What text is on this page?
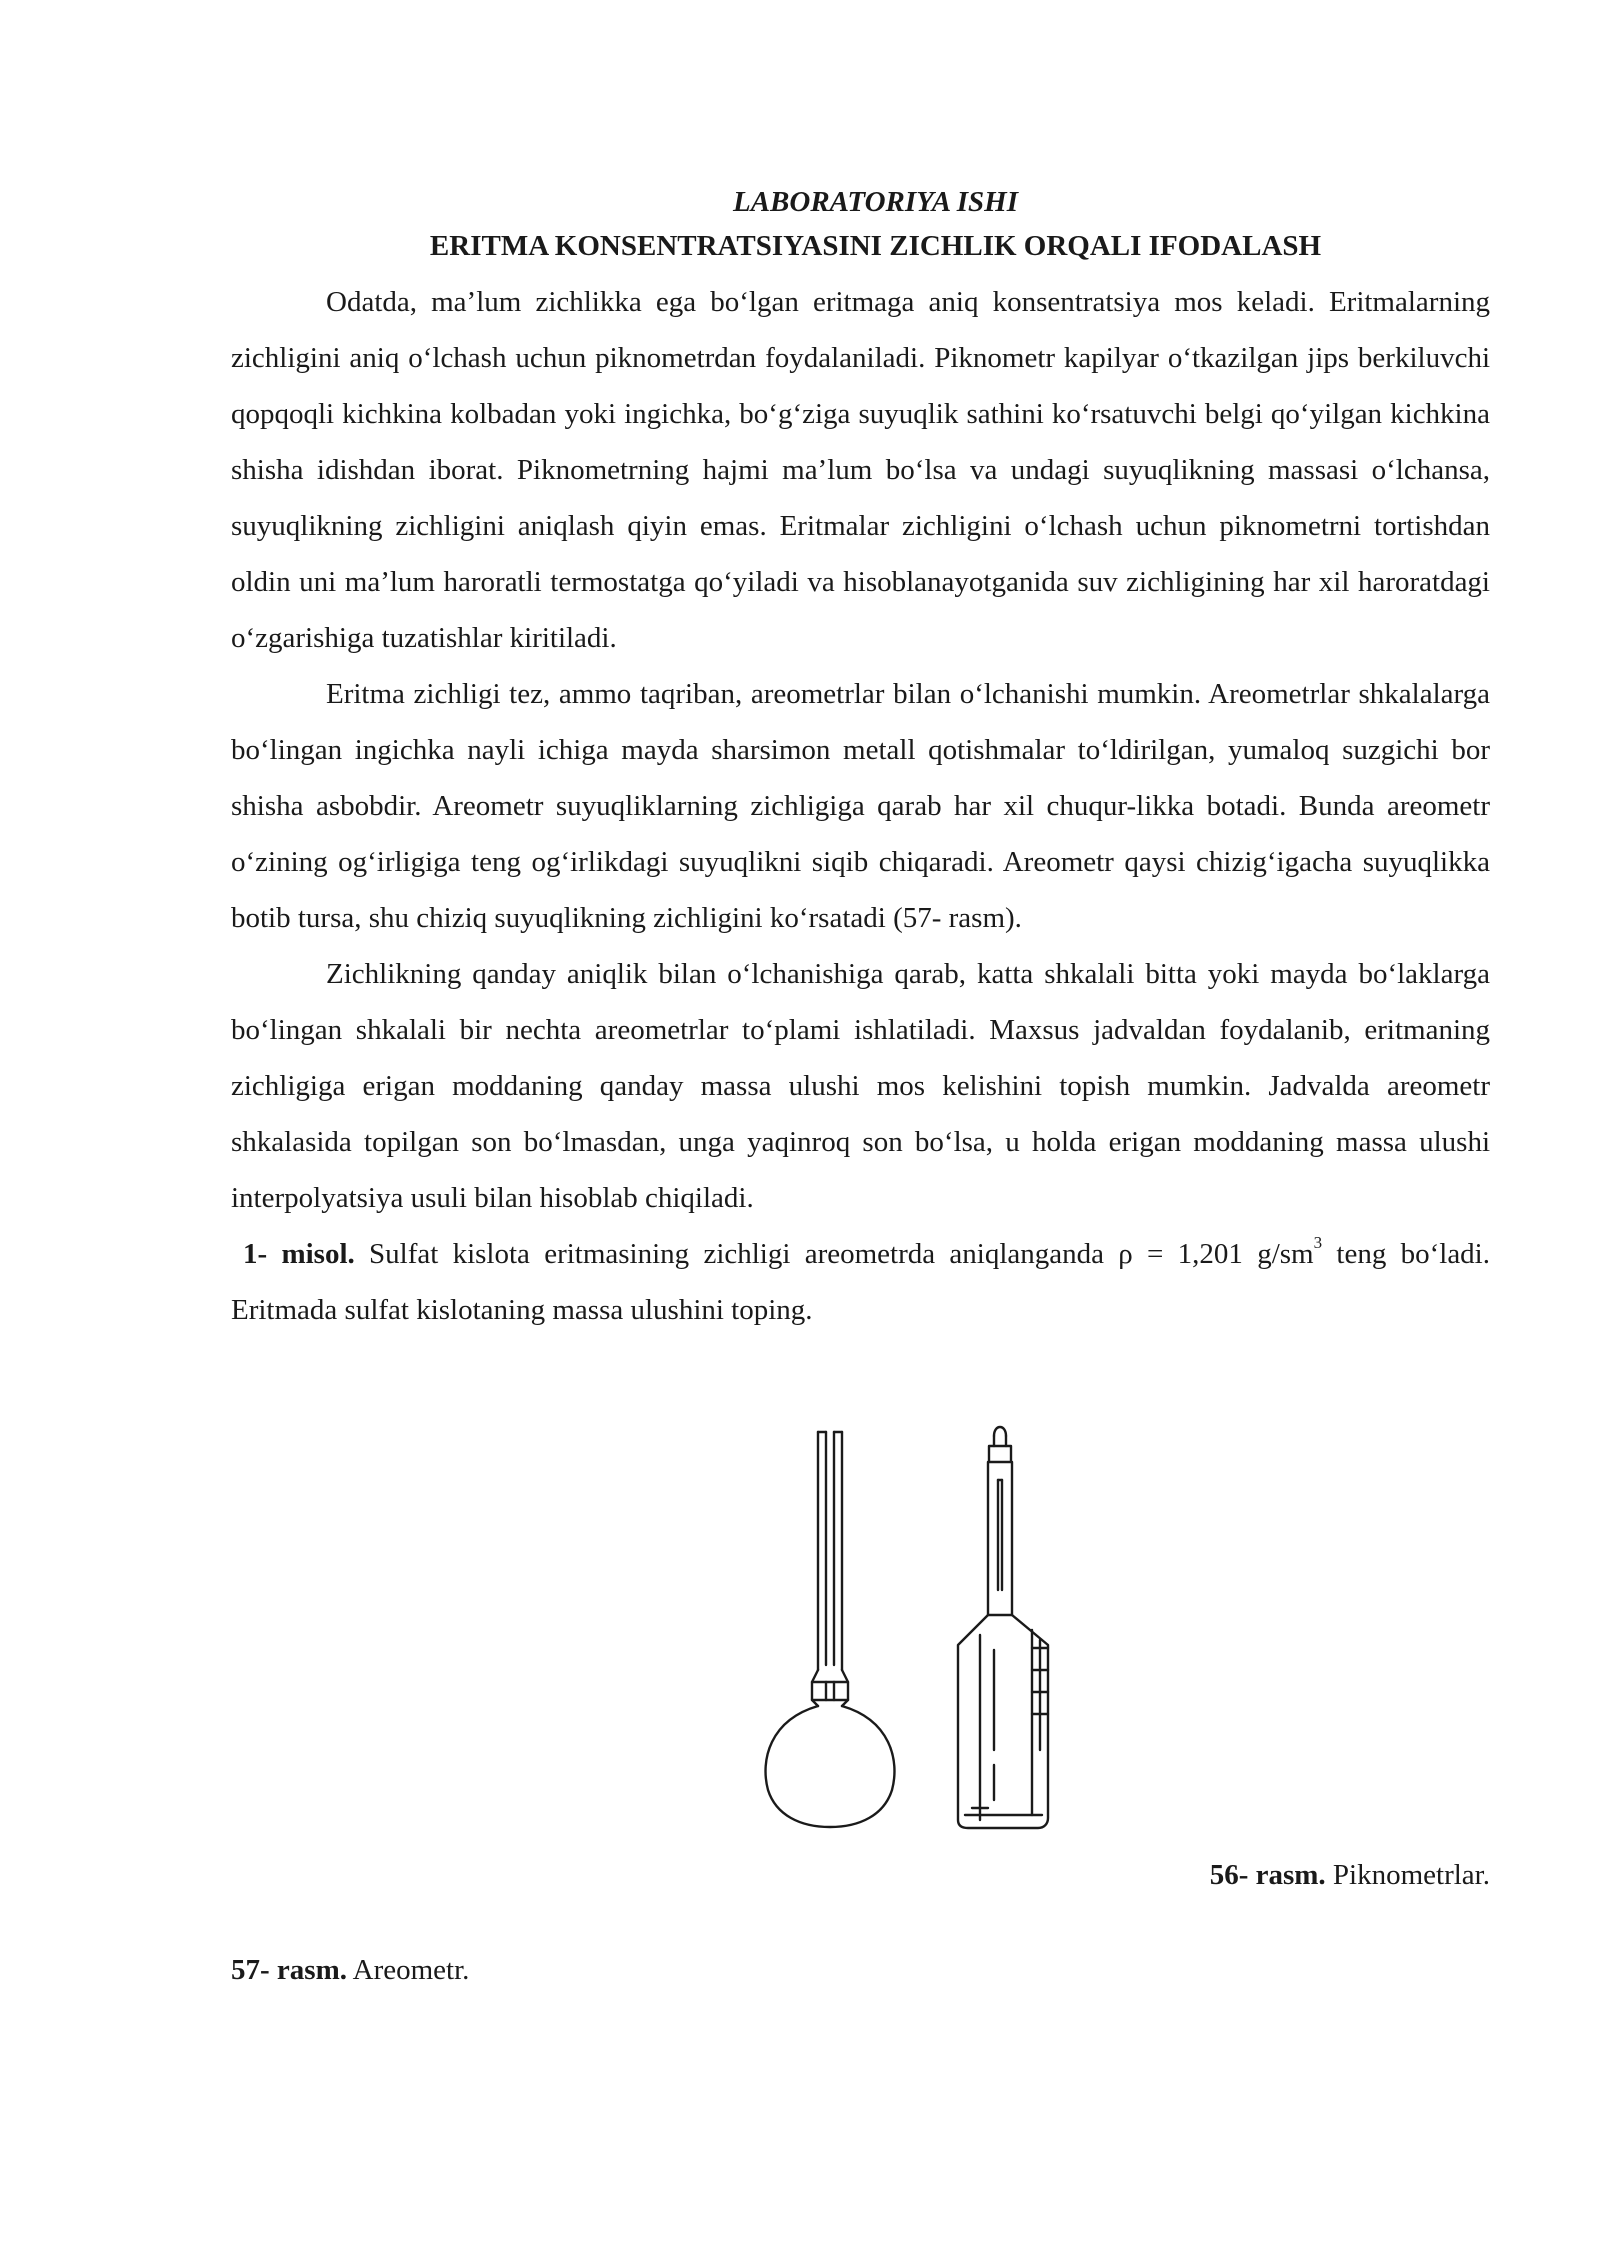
LABORATORIYA ISHI

ERITMA KONSENTRATSIYASINI ZICHLIK ORQALI IFODALASH

Odatda, ma’lum zichlikka ega bo‘lgan eritmaga aniq konsentratsiya mos keladi. Eritmalarning zichligini aniq o‘lchash uchun piknometrdan foydalaniladi. Piknometr kapilyar o‘tkazilgan jips berkiluvchi qopqoqli kichkina kolbadan yoki ingichka, bo‘g‘ziga suyuqlik sathini ko‘rsatuvchi belgi qo‘yilgan kichkina shisha idishdan iborat. Piknometrning hajmi ma’lum bo‘lsa va undagi suyuqlikning massasi o‘lchansa, suyuqlikning zichligini aniqlash qiyin emas. Eritmalar zichligini o‘lchash uchun piknometrni tortishdan oldin uni ma’lum haroratli termostatga qo‘yiladi va hisoblanayotganida suv zichligining har xil haroratdagi o‘zgarishiga tuzatishlar kiritiladi.

Eritma zichligi tez, ammo taqriban, areometrlar bilan o‘lchanishi mumkin. Areometrlar shkalalarga bo‘lingan ingichka nayli ichiga mayda sharsimon metall qotishmalar to‘ldirilgan, yumaloq suzgichi bor shisha asbobdir. Areometr suyuqliklarning zichligiga qarab har xil chuqur-likka botadi. Bunda areometr o‘zining og‘irligiga teng og‘irlikdagi suyuqlikni siqib chiqaradi. Areometr qaysi chizig‘igacha suyuqlikka botib tursa, shu chiziq suyuqlikning zichligini ko‘rsatadi (57- rasm).

Zichlikning qanday aniqlik bilan o‘lchanishiga qarab, katta shkalali bitta yoki mayda bo‘laklarga bo‘lingan shkalali bir nechta areometrlar to‘plami ishlatiladi. Maxsus jadvaldan foydalanib, eritmaning zichligiga erigan moddaning qanday massa ulushi mos kelishini topish mumkin. Jadvalda areometr shkalasida topilgan son bo‘lmasdan, unga yaqinroq son bo‘lsa, u holda erigan moddaning massa ulushi interpolyatsiya usuli bilan hisoblab chiqiladi.

1- misol. Sulfat kislota eritmasining zichligi areometrda aniqlanganda ρ = 1,201 $g/sm^3$ teng bo‘ladi. Eritmada sulfat kislotaning massa ulushini toping.

56- rasm. Piknometrlar.
57- rasm. Areometr.
